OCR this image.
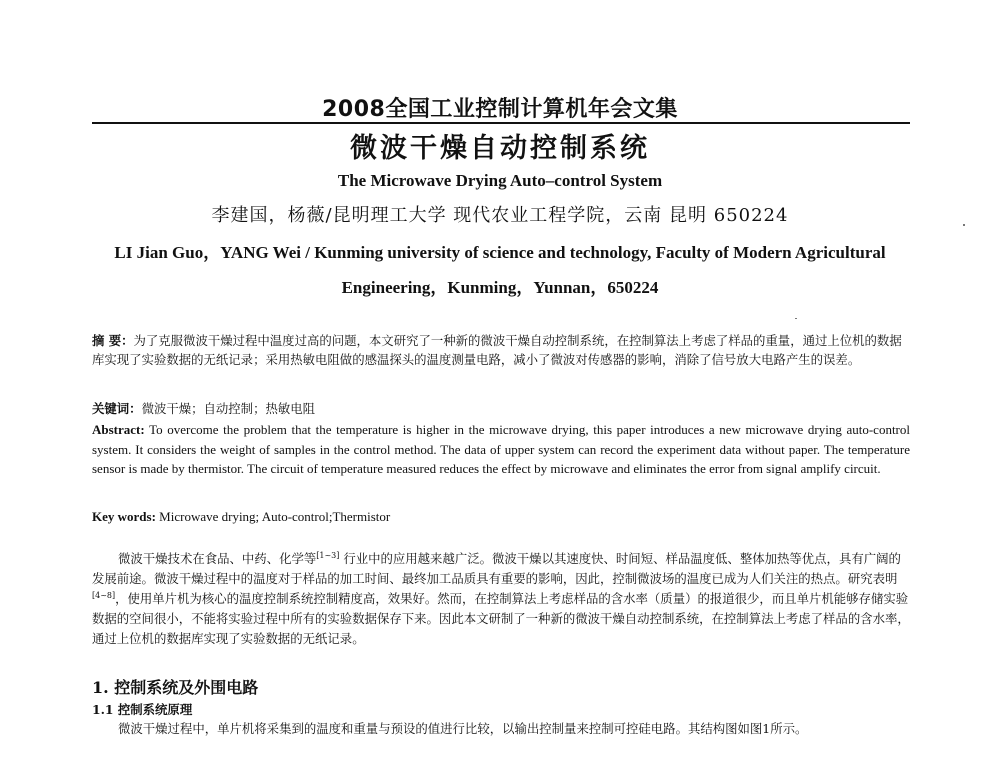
2008全国工业控制计算机年会文集
微波干燥自动控制系统
The Microwave Drying Auto–control System
李建国，杨薇/昆明理工大学 现代农业工程学院，云南 昆明 650224
LI Jian Guo，YANG Wei / Kunming university of science and technology, Faculty of Modern Agricultural
Engineering，Kunming，Yunnan，650224
摘 要：为了克服微波干燥过程中温度过高的问题，本文研究了一种新的微波干燥自动控制系统，在控制算法上考虑了样品的重量，通过上位机的数据库实现了实验数据的无纸记录；采用热敏电阻做的感温探头的温度测量电路，减小了微波对传感器的影响，消除了信号放大电路产生的误差。
关键词：微波干燥；自动控制；热敏电阻
Abstract: To overcome the problem that the temperature is higher in the microwave drying, this paper introduces a new microwave drying auto-control system. It considers the weight of samples in the control method. The data of upper system can record the experiment data without paper. The temperature sensor is made by thermistor. The circuit of temperature measured reduces the effect by microwave and eliminates the error from signal amplify circuit.
Key words: Microwave drying; Auto-control;Thermistor
微波干燥技术在食品、中药、化学等[1~3] 行业中的应用越来越广泛。微波干燥以其速度快、时间短、样品温度低、整体加热等优点，具有广阔的发展前途。微波干燥过程中的温度对于样品的加工时间、最终加工品质具有重要的影响，因此，控制微波场的温度已成为人们关注的热点。研究表明[4~8]，使用单片机为核心的温度控制系统控制精度高，效果好。然而，在控制算法上考虑样品的含水率（质量）的报道很少，而且单片机能够存储实验数据的空间很小，不能将实验过程中所有的实验数据保存下来。因此本文研制了一种新的微波干燥自动控制系统，在控制算法上考虑了样品的含水率，通过上位机的数据库实现了实验数据的无纸记录。
1. 控制系统及外围电路
1.1 控制系统原理
微波干燥过程中，单片机将采集到的温度和重量与预设的值进行比较，以输出控制量来控制可控硅电路。其结构图如图1所示。
